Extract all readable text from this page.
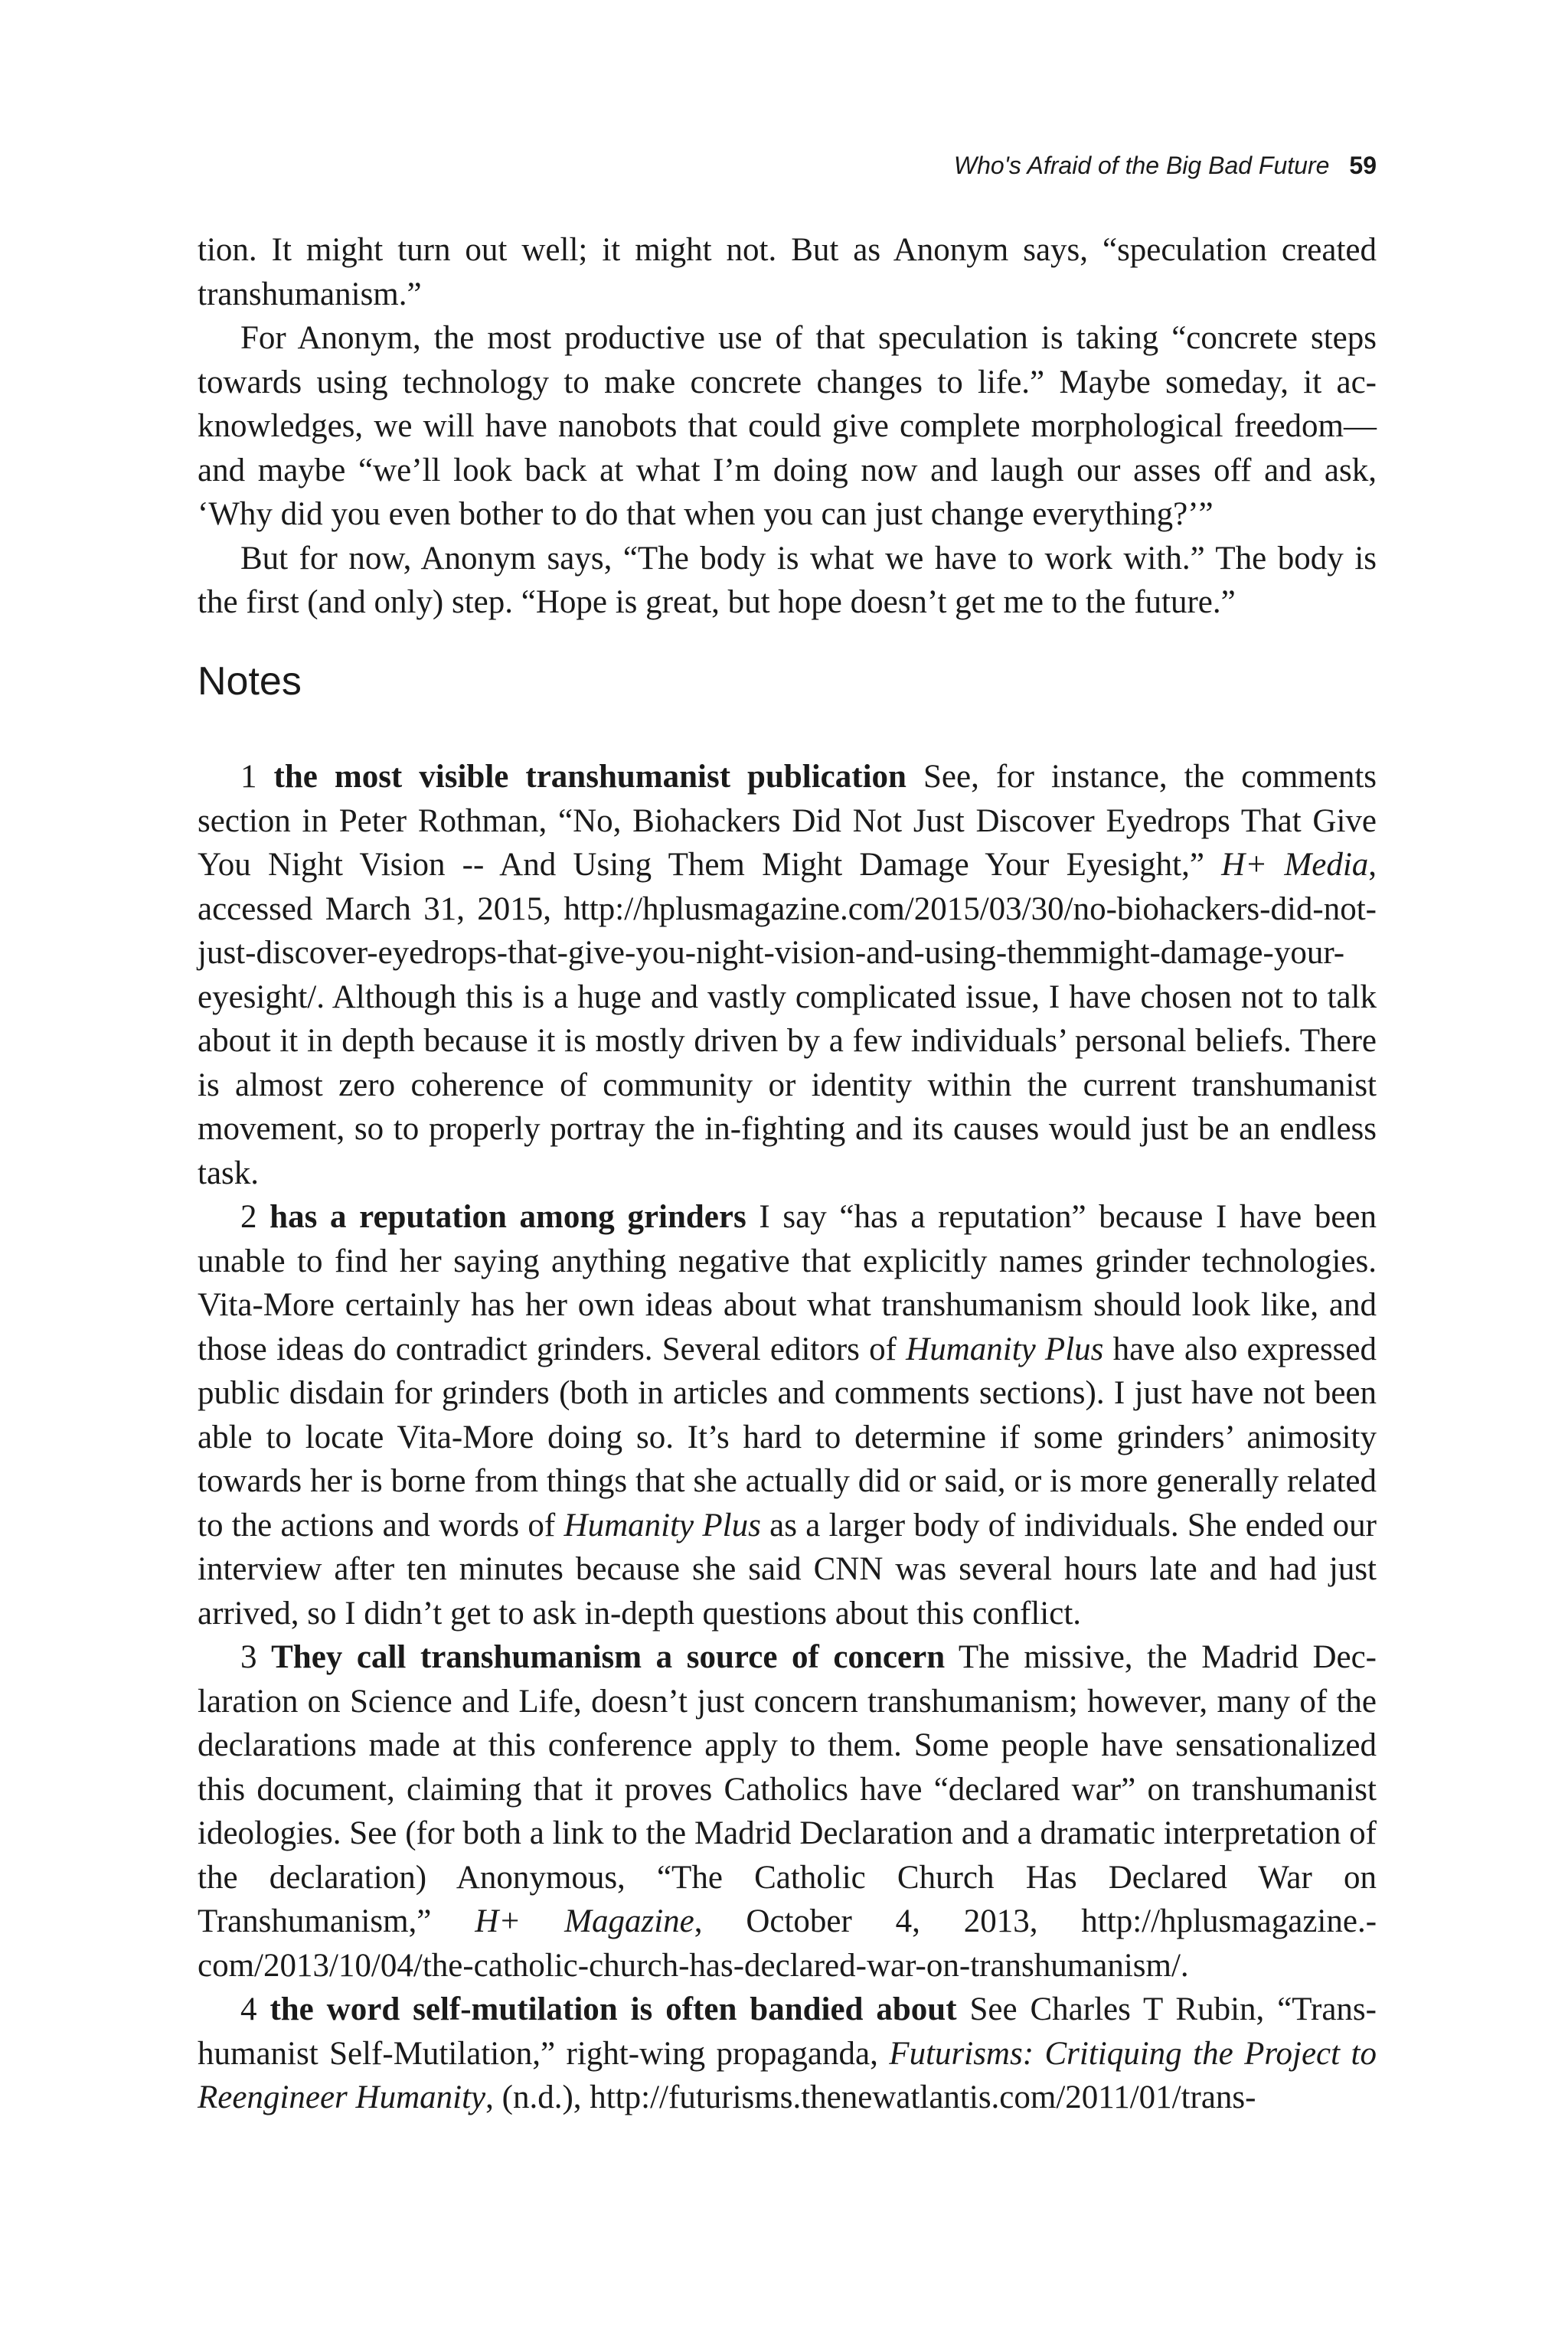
Who's Afraid of the Big Bad Future 59

tion. It might turn out well; it might not. But as Anonym says, “speculation created transhumanism.”

For Anonym, the most productive use of that speculation is taking “concrete steps towards using technology to make concrete changes to life.” Maybe someday, it acknowledges, we will have nanobots that could give complete morphological freedom—and maybe “we’ll look back at what I’m doing now and laugh our asses off and ask, ‘Why did you even bother to do that when you can just change everything?’”

But for now, Anonym says, “The body is what we have to work with.” The body is the first (and only) step. “Hope is great, but hope doesn’t get me to the future.”

Notes

1 the most visible transhumanist publication See, for instance, the comments section in Peter Rothman, “No, Biohackers Did Not Just Discover Eyedrops That Give You Night Vision -- And Using Them Might Damage Your Eyesight,” H+ Media, accessed March 31, 2015, http://hplusmagazine.com/2015/03/30/no-biohackers-did-not-just-discover-eyedrops-that-give-you-night-vision-and-using-themmight-damage-your-eyesight/. Although this is a huge and vastly complicated issue, I have chosen not to talk about it in depth because it is mostly driven by a few individuals’ personal beliefs. There is almost zero coherence of community or identity within the current transhumanist movement, so to properly portray the in-fighting and its causes would just be an endless task.

2 has a reputation among grinders I say “has a reputation” because I have been unable to find her saying anything negative that explicitly names grinder technologies. Vita-More certainly has her own ideas about what transhumanism should look like, and those ideas do contradict grinders. Several editors of Humanity Plus have also expressed public disdain for grinders (both in articles and comments sections). I just have not been able to locate Vita-More doing so. It’s hard to determine if some grinders’ animosity towards her is borne from things that she actually did or said, or is more generally related to the actions and words of Humanity Plus as a larger body of individuals. She ended our interview after ten minutes because she said CNN was several hours late and had just arrived, so I didn’t get to ask in-depth questions about this conflict.

3 They call transhumanism a source of concern The missive, the Madrid Declaration on Science and Life, doesn’t just concern transhumanism; however, many of the declarations made at this conference apply to them. Some people have sensationalized this document, claiming that it proves Catholics have “declared war” on transhumanist ideologies. See (for both a link to the Madrid Declaration and a dramatic interpretation of the declaration) Anonymous, “The Catholic Church Has Declared War on Transhumanism,” H+ Magazine, October 4, 2013, http://hplusmagazine.com/2013/10/04/the-catholic-church-has-declared-war-on-transhumanism/.

4 the word self-mutilation is often bandied about See Charles T Rubin, “Transhumanist Self-Mutilation,” right-wing propaganda, Futurisms: Critiquing the Project to Reengineer Humanity, (n.d.), http://futurisms.thenewatlantis.com/2011/01/trans-
